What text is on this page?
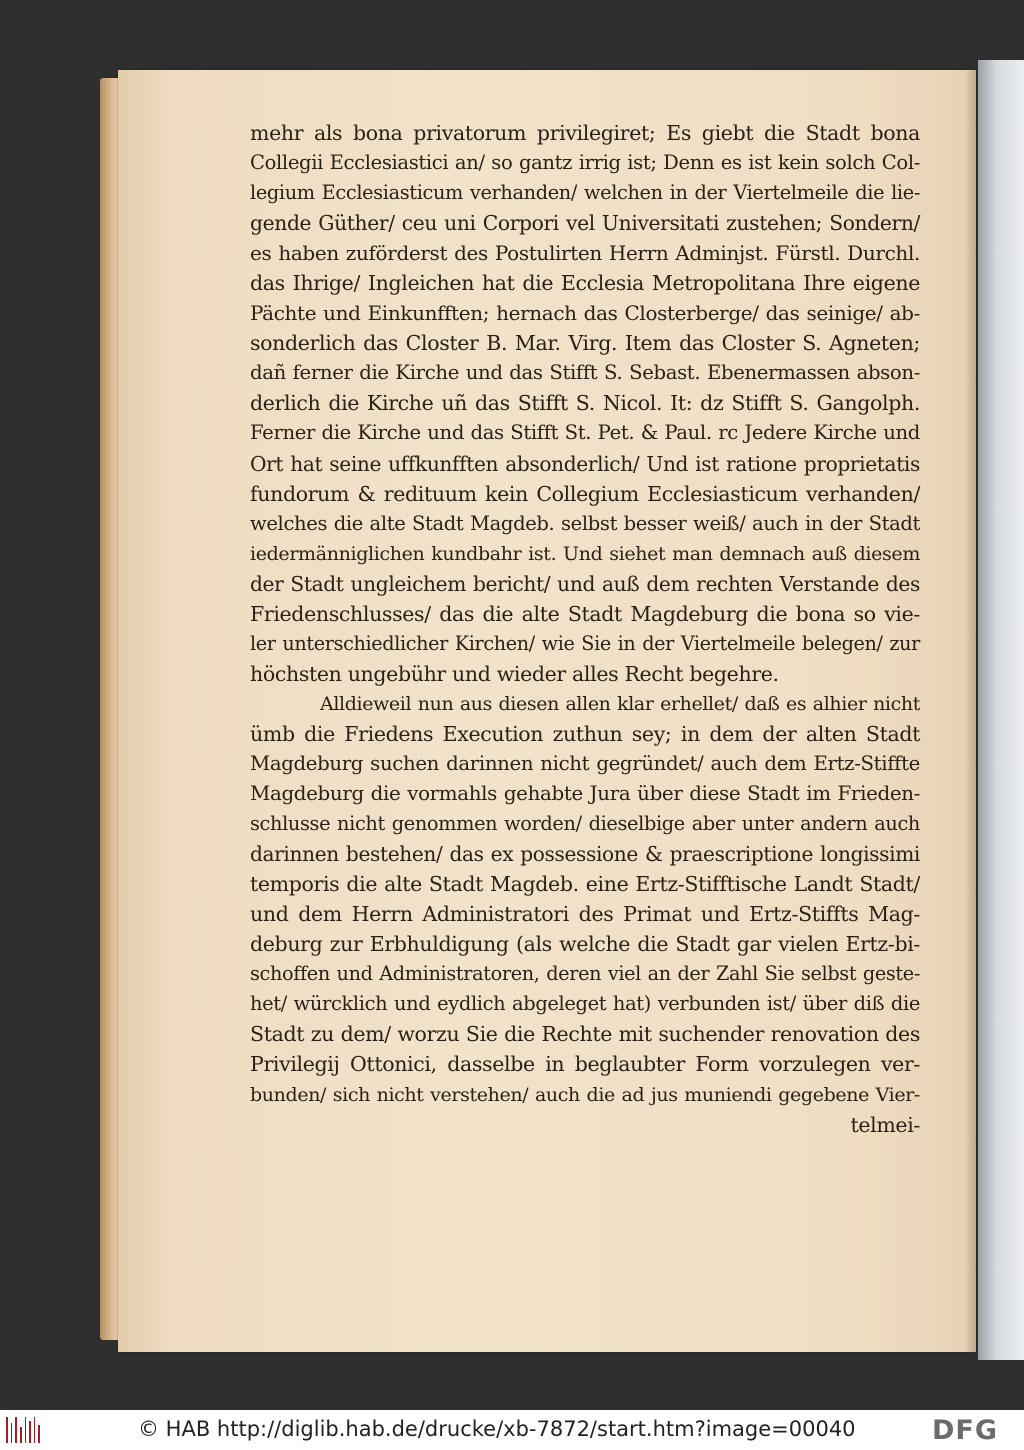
mehr als bona privatorum privilegiret; Es giebt die Stadt bona
Collegii Ecclesiastici an/ so gantz irrig ist; Denn es ist kein solch Col-
legium Ecclesiasticum verhanden/ welchen in der Viertelmeile die lie-
gende Güther/ ceu uni Corpori vel Universitati zustehen; Sondern/
es haben zuförderst des Postulirten Herrn Adminjst. Fürstl. Durchl.
das Ihrige/ Ingleichen hat die Ecclesia Metropolitana Ihre eigene
Pächte und Einkunfften; hernach das Closterberge/ das seinige/ ab-
sonderlich das Closter B. Mar. Virg. Item das Closter S. Agneten;
dañ ferner die Kirche und das Stifft S. Sebast. Ebenermassen abson-
derlich die Kirche uñ das Stifft S. Nicol. It: dz Stifft S. Gangolph.
Ferner die Kirche und das Stifft St. Pet. & Paul. rc Jedere Kirche und
Ort hat seine uffkunfften absonderlich/ Und ist ratione proprietatis
fundorum & redituum kein Collegium Ecclesiasticum verhanden/
welches die alte Stadt Magdeb. selbst besser weiß/ auch in der Stadt
iedermänniglichen kundbahr ist. Und siehet man demnach auß diesem
der Stadt ungleichem bericht/ und auß dem rechten Verstande des
Friedenschlusses/ das die alte Stadt Magdeburg die bona so vie-
ler unterschiedlicher Kirchen/ wie Sie in der Viertelmeile belegen/ zur
höchsten ungebühr und wieder alles Recht begehre.
Alldieweil nun aus diesen allen klar erhellet/ daß es alhier nicht
ümb die Friedens Execution zuthun sey; in dem der alten Stadt
Magdeburg suchen darinnen nicht gegründet/ auch dem Ertz-Stiffte
Magdeburg die vormahls gehabte Jura über diese Stadt im Frieden-
schlusse nicht genommen worden/ dieselbige aber unter andern auch
darinnen bestehen/ das ex possessione & praescriptione longissimi
temporis die alte Stadt Magdeb. eine Ertz-Stifftische Landt Stadt/
und dem Herrn Administratori des Primat und Ertz-Stiffts Mag-
deburg zur Erbhuldigung (als welche die Stadt gar vielen Ertz-bi-
schoffen und Administratoren, deren viel an der Zahl Sie selbst geste-
het/ würcklich und eydlich abgeleget hat) verbunden ist/ über diß die
Stadt zu dem/ worzu Sie die Rechte mit suchender renovation des
Privilegij Ottonici, dasselbe in beglaubter Form vorzulegen ver-
bunden/ sich nicht verstehen/ auch die ad jus muniendi gegebene Vier-
telmei-
© HAB http://diglib.hab.de/drucke/xb-7872/start.htm?image=00040	DFG
